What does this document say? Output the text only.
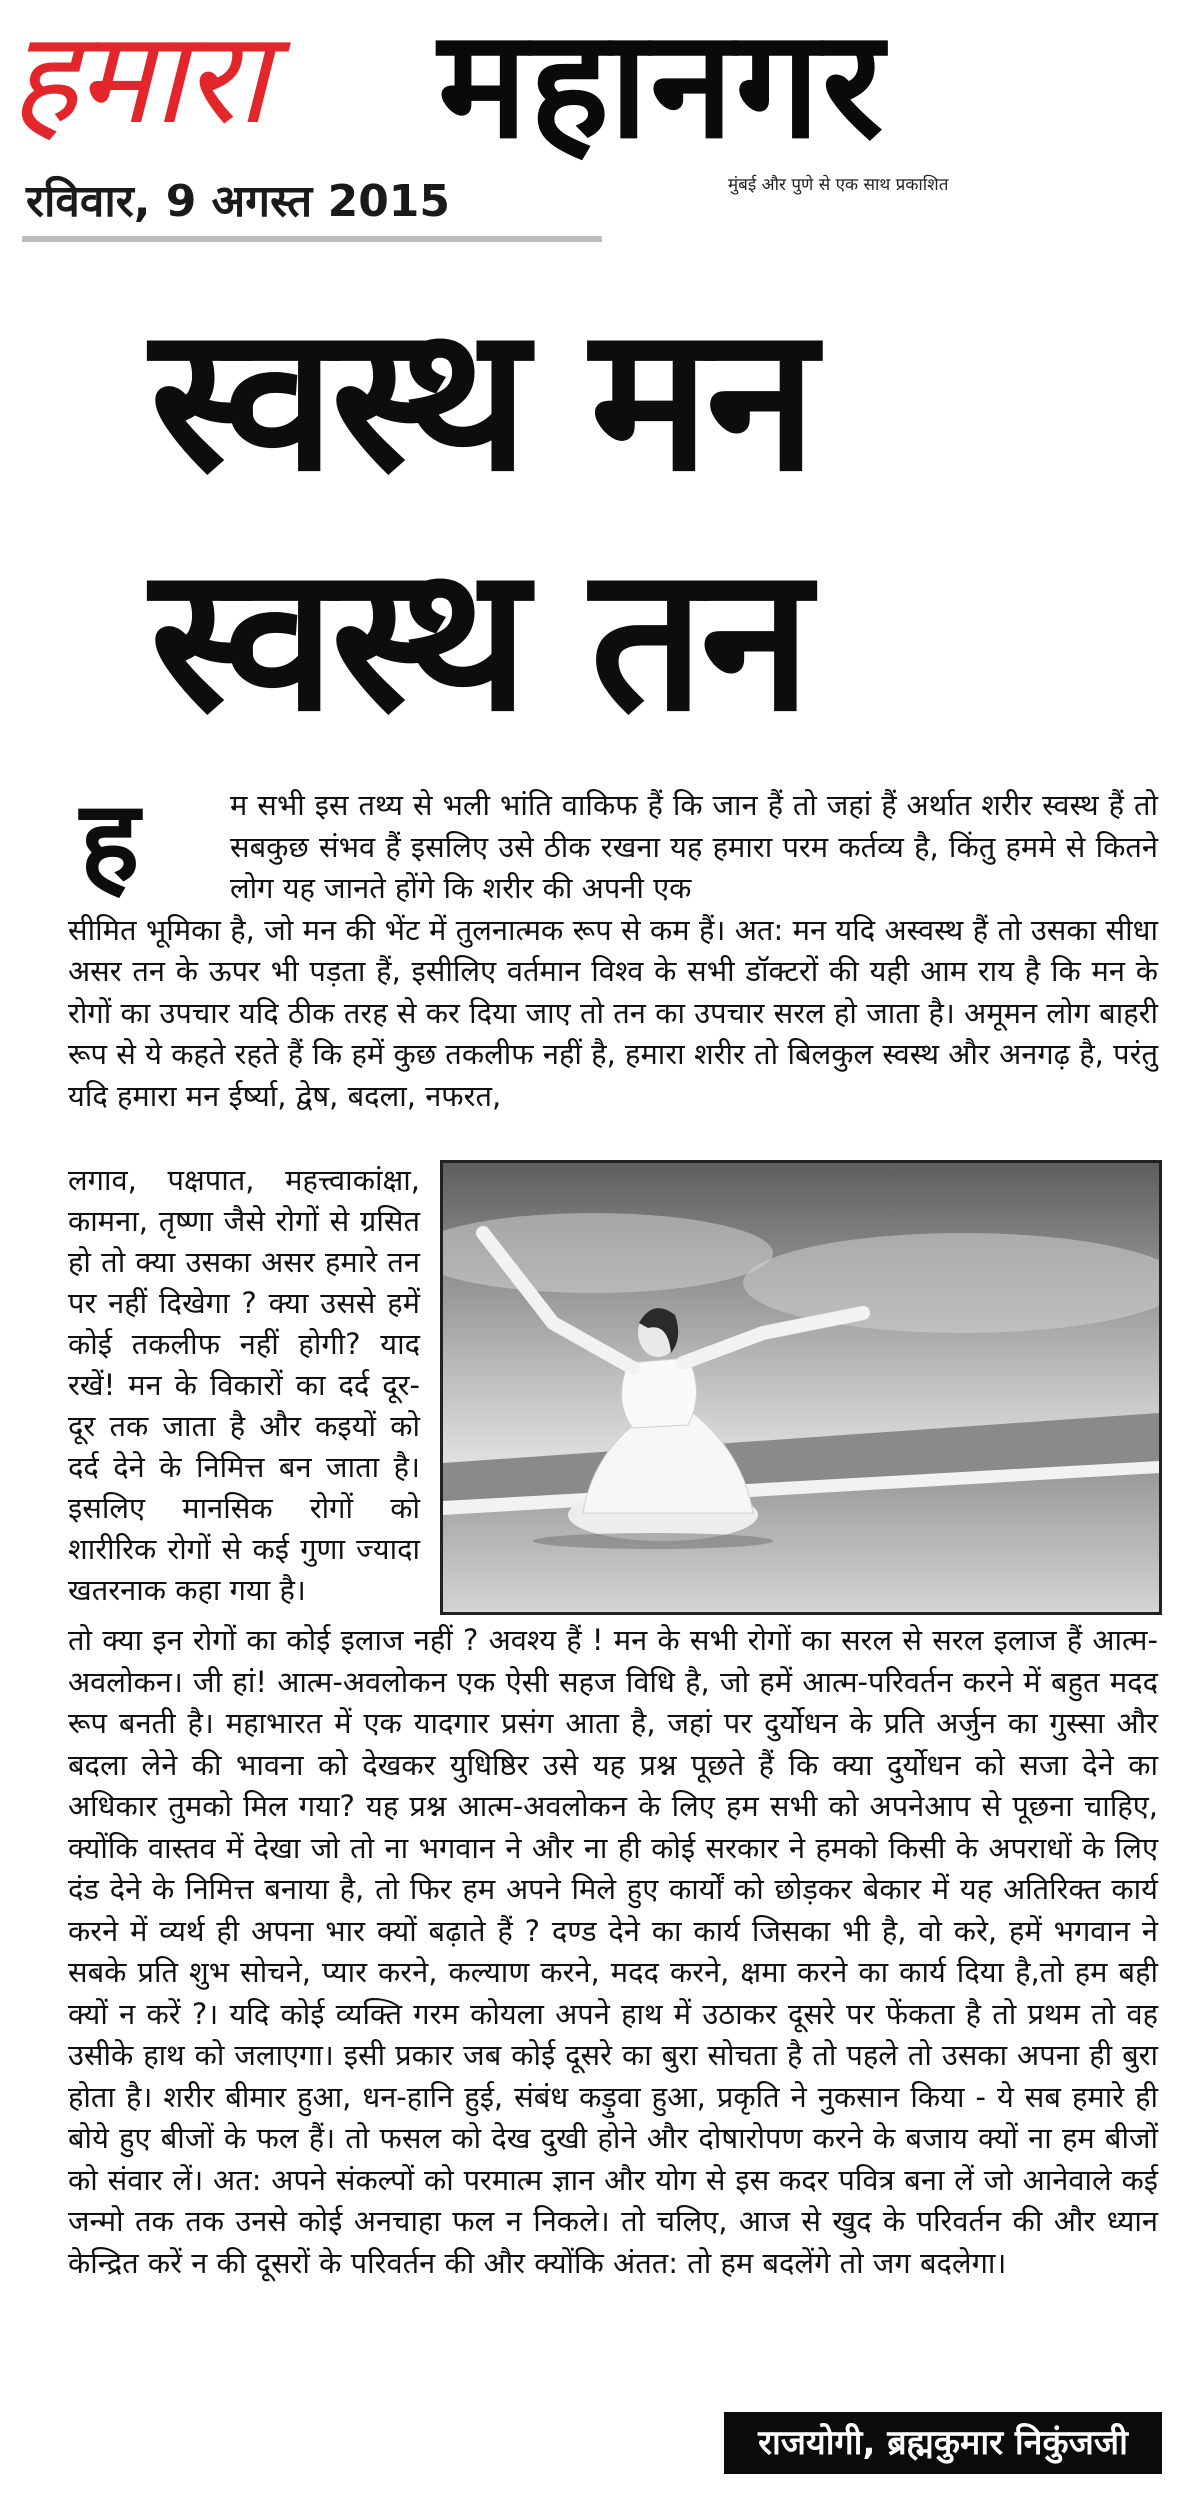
हमारा महानगर
मुंबई और पुणे से एक साथ प्रकाशित
रविवार, 9 अगस्त 2015
स्वस्थ मन
स्वस्थ तन
ह	म सभी इस तथ्य से भली भांति वाकिफ हैं कि जान हैं तो जहां हैं अर्थात शरीर स्वस्थ हैं तो सबकुछ संभव हैं इसलिए उसे ठीक रखना यह हमारा परम कर्तव्य है, किंतु हममे से कितने लोग यह जानते होंगे कि शरीर की अपनी एक
सीमित भूमिका है, जो मन की भेंट में तुलनात्मक रूप से कम हैं। अत: मन यदि अस्वस्थ हैं तो उसका सीधा असर तन के ऊपर भी पड़ता हैं, इसीलिए वर्तमान विश्व के सभी डॉक्टरों की यही आम राय है कि मन के रोगों का उपचार यदि ठीक तरह से कर दिया जाए तो तन का उपचार सरल हो जाता है। अमूमन लोग बाहरी रूप से ये कहते रहते हैं कि हमें कुछ तकलीफ नहीं है, हमारा शरीर तो बिलकुल स्वस्थ और अनगढ़ है, परंतु यदि हमारा मन ईर्ष्या, द्वेष, बदला, नफरत,

लगाव, पक्षपात, महत्त्वाकांक्षा, कामना, तृष्णा जैसे रोगों से ग्रसित हो तो क्या उसका असर हमारे तन पर नहीं दिखेगा ? क्या उससे हमें कोई तकलीफ नहीं होगी? याद रखें! मन के विकारों का दर्द दूर-दूर तक जाता है और कइयों को दर्द देने के निमित्त बन जाता है। इसलिए मानसिक रोगों को शारीरिक रोगों से कई गुणा ज्यादा खतरनाक कहा गया है।

तो क्या इन रोगों का कोई इलाज नहीं ? अवश्य हैं ! मन के सभी रोगों का सरल से सरल इलाज हैं आत्म-अवलोकन। जी हां! आत्म-अवलोकन एक ऐसी सहज विधि है, जो हमें आत्म-परिवर्तन करने में बहुत मदद रूप बनती है। महाभारत में एक यादगार प्रसंग आता है, जहां पर दुर्योधन के प्रति अर्जुन का गुस्सा और बदला लेने की भावना को देखकर युधिष्ठिर उसे यह प्रश्न पूछते हैं कि क्या दुर्योधन को सजा देने का अधिकार तुमको मिल गया? यह प्रश्न आत्म-अवलोकन के लिए हम सभी को अपनेआप से पूछना चाहिए, क्योंकि वास्तव में देखा जो तो ना भगवान ने और ना ही कोई सरकार ने हमको किसी के अपराधों के लिए दंड देने के निमित्त बनाया है, तो फिर हम अपने मिले हुए कार्यों को छोड़कर बेकार में यह अतिरिक्त कार्य करने में व्यर्थ ही अपना भार क्यों बढ़ाते हैं ? दण्ड देने का कार्य जिसका भी है, वो करे, हमें भगवान ने सबके प्रति शुभ सोचने, प्यार करने, कल्याण करने, मदद करने, क्षमा करने का कार्य दिया है,तो हम बही क्यों न करें ?। यदि कोई व्यक्ति गरम कोयला अपने हाथ में उठाकर दूसरे पर फेंकता है तो प्रथम तो वह उसीके हाथ को जलाएगा। इसी प्रकार जब कोई दूसरे का बुरा सोचता है तो पहले तो उसका अपना ही बुरा होता है। शरीर बीमार हुआ, धन-हानि हुई, संबंध कड़ुवा हुआ, प्रकृति ने नुकसान किया - ये सब हमारे ही बोये हुए बीजों के फल हैं। तो फसल को देख दुखी होने और दोषारोपण करने के बजाय क्यों ना हम बीजों को संवार लें। अत: अपने संकल्पों को परमात्म ज्ञान और योग से इस कदर पवित्र बना लें जो आनेवाले कई जन्मो तक तक उनसे कोई अनचाहा फल न निकले। तो चलिए, आज से खुद के परिवर्तन की और ध्यान केन्द्रित करें न की दूसरों के परिवर्तन की और क्योंकि अंतत: तो हम बदलेंगे तो जग बदलेगा।

राजयोगी, ब्रह्मकुमार निकुंजजी
